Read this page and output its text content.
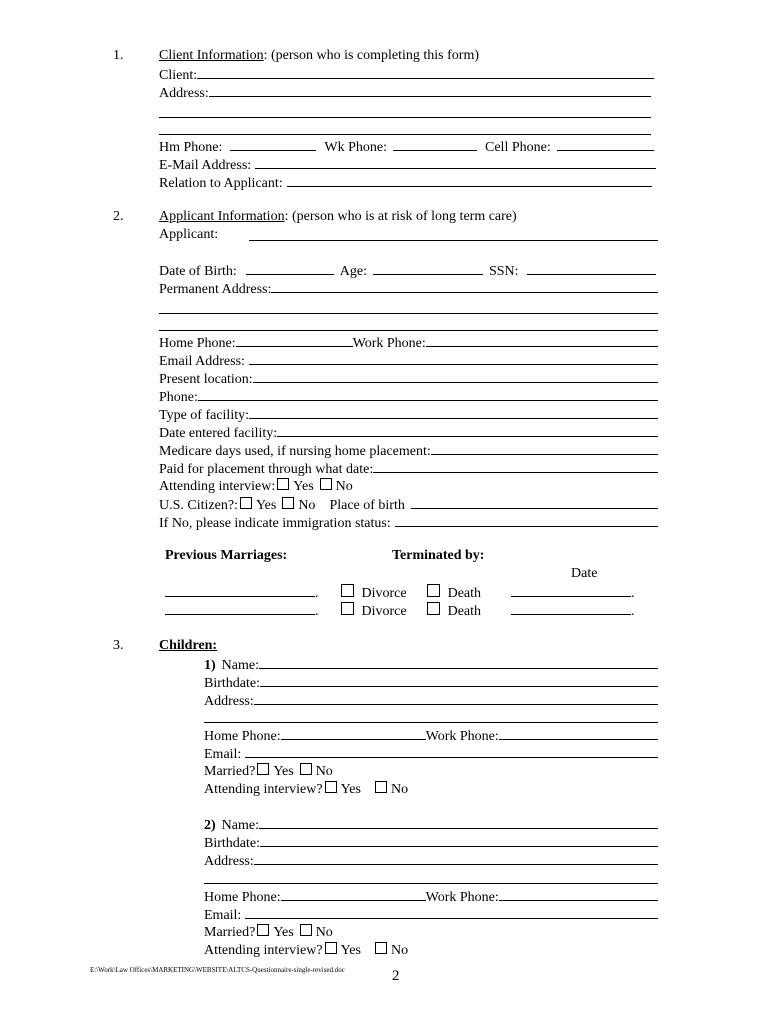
1.	Client Information: (person who is completing this form)
Client:
Address:
Hm Phone:	Wk Phone:	Cell Phone:
E-Mail Address:
Relation to Applicant:
2.	Applicant Information: (person who is at risk of long term care)
Applicant:
Date of Birth:	Age:	SSN:
Permanent Address:
Home Phone:	Work Phone:
Email Address:
Present location:
Phone:
Type of facility:
Date entered facility:
Medicare days used, if nursing home placement:
Paid for placement through what date:
Attending interview: Yes No
U.S. Citizen?: Yes No Place of birth
If No, please indicate immigration status:
Previous Marriages:	Terminated by:
Date
.	Divorce	Death	.
.	Divorce	Death	.
3.	Children:
1) Name:
Birthdate:
Address:
Home Phone:	Work Phone:
Email:
Married? Yes No
Attending interview? Yes No
2) Name:
Birthdate:
Address:
Home Phone:	Work Phone:
Email:
Married? Yes No
Attending interview? Yes No
E:\Work\Law Offices\MARKETING\WEBSITE\ALTCS-Questionnaire-single-revised.doc	2
